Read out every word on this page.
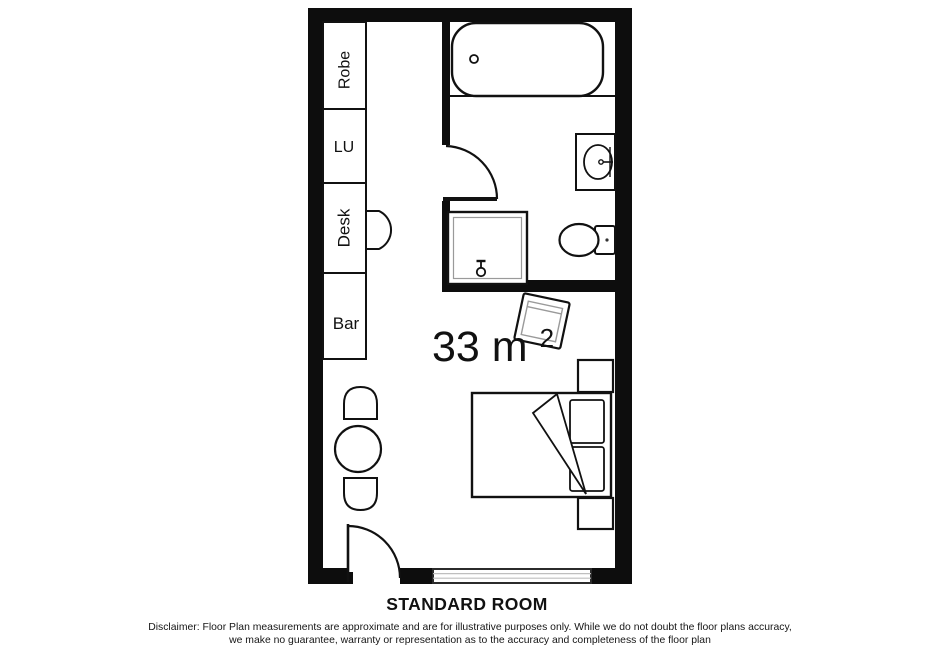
Robe
LU
Desk
Bar 33 m $^2$
STANDARD ROOM
Disclaimer: Floor Plan measurements are approximate and are for illustrative purposes only. While we do not doubt the floor plans accuracy,
we make no guarantee, warranty or representation as to the accuracy and completeness of the floor plan
